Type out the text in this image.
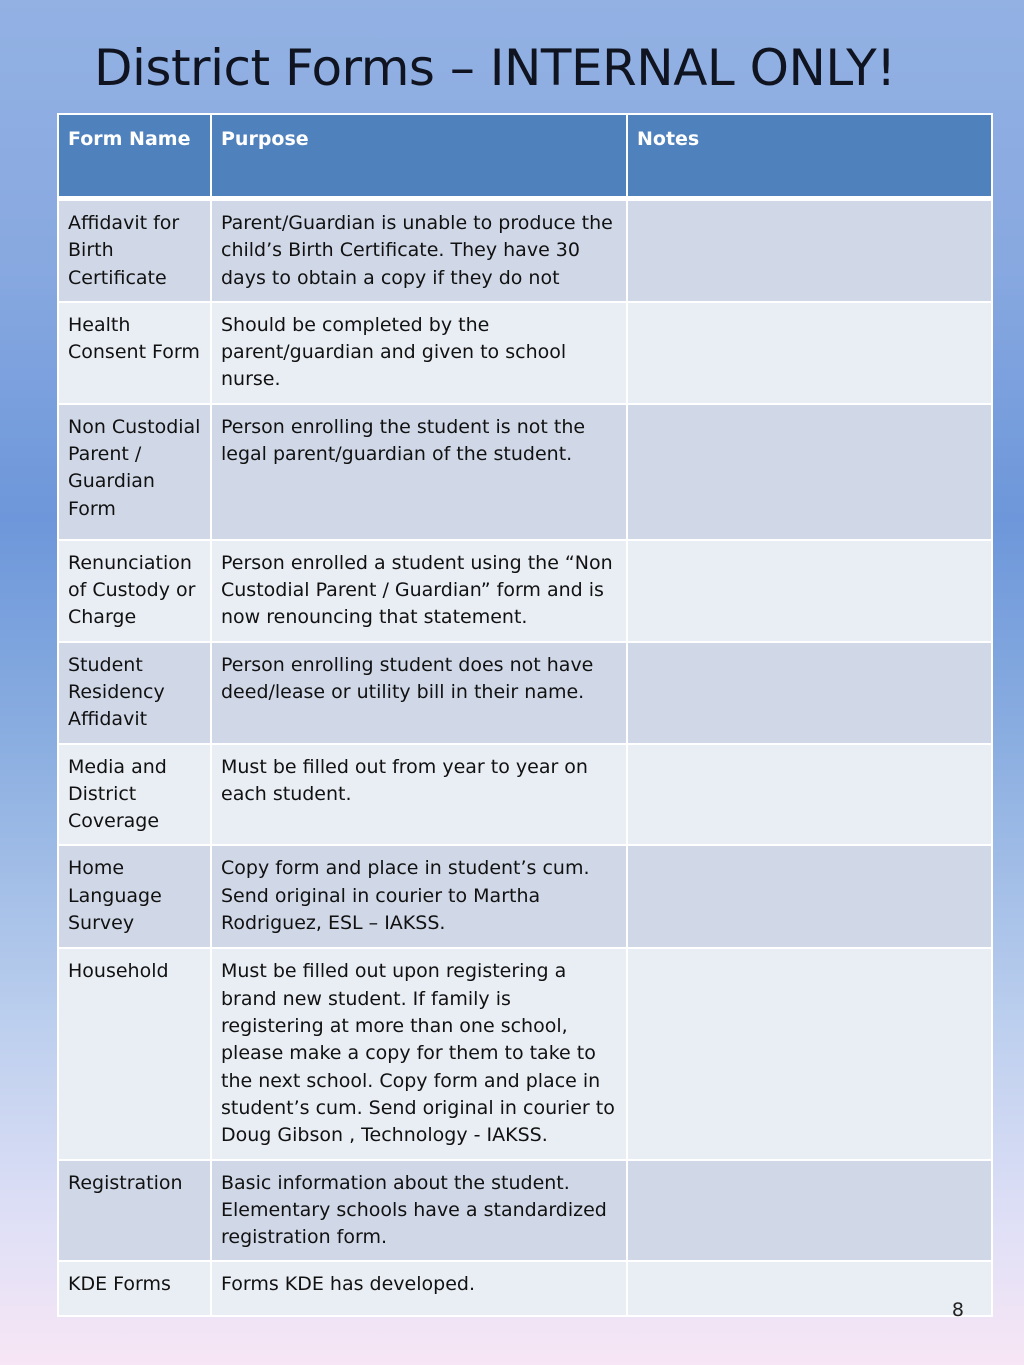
District Forms – INTERNAL ONLY!
Form Name	Purpose	Notes
Affidavit for Birth Certificate	Parent/Guardian is unable to produce the child’s Birth Certificate. They have 30 days to obtain a copy if they do not	
Health Consent Form	Should be completed by the parent/guardian and given to school nurse.	
Non Custodial Parent / Guardian Form	Person enrolling the student is not the legal parent/guardian of the student.	
Renunciation of Custody or Charge	Person enrolled a student using the “Non Custodial Parent / Guardian” form and is now renouncing that statement.	
Student Residency Affidavit	Person enrolling student does not have deed/lease or utility bill in their name.	
Media and District Coverage	Must be filled out from year to year on each student.	
Home Language Survey	Copy form and place in student’s cum. Send original in courier to Martha Rodriguez, ESL – IAKSS.	
Household	Must be filled out upon registering a brand new student. If family is registering at more than one school, please make a copy for them to take to the next school. Copy form and place in student’s cum. Send original in courier to Doug Gibson , Technology - IAKSS.	
Registration	Basic information about the student. Elementary schools have a standardized registration form.	
KDE Forms	Forms KDE has developed.	
8
